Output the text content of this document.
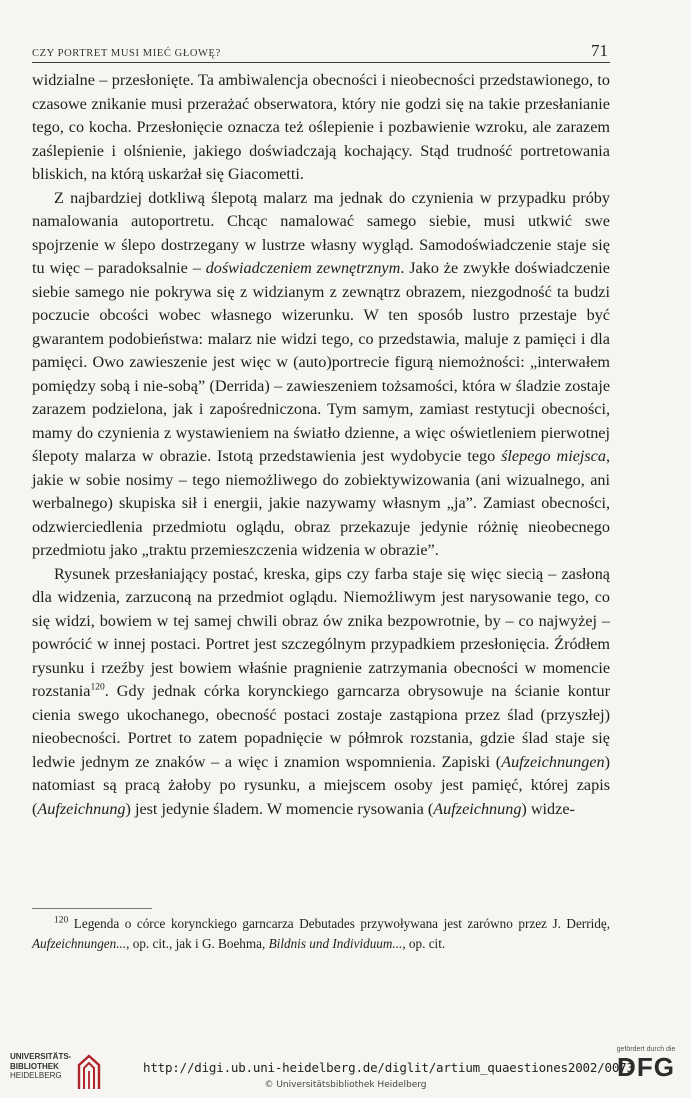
CZY PORTRET MUSI MIEĆ GŁOWĘ?	71

widzialne – przesłonięte. Ta ambiwalencja obecności i nieobecności przedstawionego, to czasowe znikanie musi przerażać obserwatora, który nie godzi się na takie przesłanianie tego, co kocha. Przesłonięcie oznacza też oślepienie i pozbawienie wzroku, ale zarazem zaślepienie i olśnienie, jakiego doświadczają kochający. Stąd trudność portretowania bliskich, na którą uskarżał się Giacometti.

Z najbardziej dotkliwą ślepotą malarz ma jednak do czynienia w przypadku próby namalowania autoportretu. Chcąc namalować samego siebie, musi utkwić swe spojrzenie w ślepo dostrzegany w lustrze własny wygląd. Samodoświadczenie staje się tu więc – paradoksalnie – doświadczeniem zewnętrznym. Jako że zwykłe doświadczenie siebie samego nie pokrywa się z widzianym z zewnątrz obrazem, niezgodność ta budzi poczucie obcości wobec własnego wizerunku. W ten sposób lustro przestaje być gwarantem podobieństwa: malarz nie widzi tego, co przedstawia, maluje z pamięci i dla pamięci. Owo zawieszenie jest więc w (auto)portrecie figurą niemożności: „interwałem pomiędzy sobą i nie-sobą” (Derrida) – zawieszeniem tożsamości, która w śladzie zostaje zarazem podzielona, jak i zapośredniczona. Tym samym, zamiast restytucji obecności, mamy do czynienia z wystawieniem na światło dzienne, a więc oświetleniem pierwotnej ślepoty malarza w obrazie. Istotą przedstawienia jest wydobycie tego ślepego miejsca, jakie w sobie nosimy – tego niemożliwego do zobiektywizowania (ani wizualnego, ani werbalnego) skupiska sił i energii, jakie nazywamy własnym „ja”. Zamiast obecności, odzwierciedlenia przedmiotu oglądu, obraz przekazuje jedynie różnię nieobecnego przedmiotu jako „traktu przemieszczenia widzenia w obrazie”.

Rysunek przesłaniający postać, kreska, gips czy farba staje się więc siecią – zasłoną dla widzenia, zarzuconą na przedmiot oglądu. Niemożliwym jest narysowanie tego, co się widzi, bowiem w tej samej chwili obraz ów znika bezpowrotnie, by – co najwyżej – powrócić w innej postaci. Portret jest szczególnym przypadkiem przesłonięcia. Źródłem rysunku i rzeźby jest bowiem właśnie pragnienie zatrzymania obecności w momencie rozstania$^{120}$. Gdy jednak córka korynckiego garncarza obrysowuje na ścianie kontur cienia swego ukochanego, obecność postaci zostaje zastąpiona przez ślad (przyszłej) nieobecności. Portret to zatem popadnięcie w półmrok rozstania, gdzie ślad staje się ledwie jednym ze znaków – a więc i znamion wspomnienia. Zapiski (Aufzeichnungen) natomiast są pracą żałoby po rysunku, a miejscem osoby jest pamięć, której zapis (Aufzeichnung) jest jedynie śladem. W momencie rysowania (Aufzeichnung) widze-

$^{120}$ Legenda o córce korynckiego garncarza Debutades przywoływana jest zarówno przez J. Derridę, Aufzeichnungen..., op. cit., jak i G. Boehma, Bildnis und Individuum..., op. cit.

UNIVERSITÄTS-
BIBLIOTHEK
HEIDELBERG
http://digi.ub.uni-heidelberg.de/diglit/artium_quaestiones2002/0073
© Universitätsbibliothek Heidelberg
gefördert durch die
DFG
